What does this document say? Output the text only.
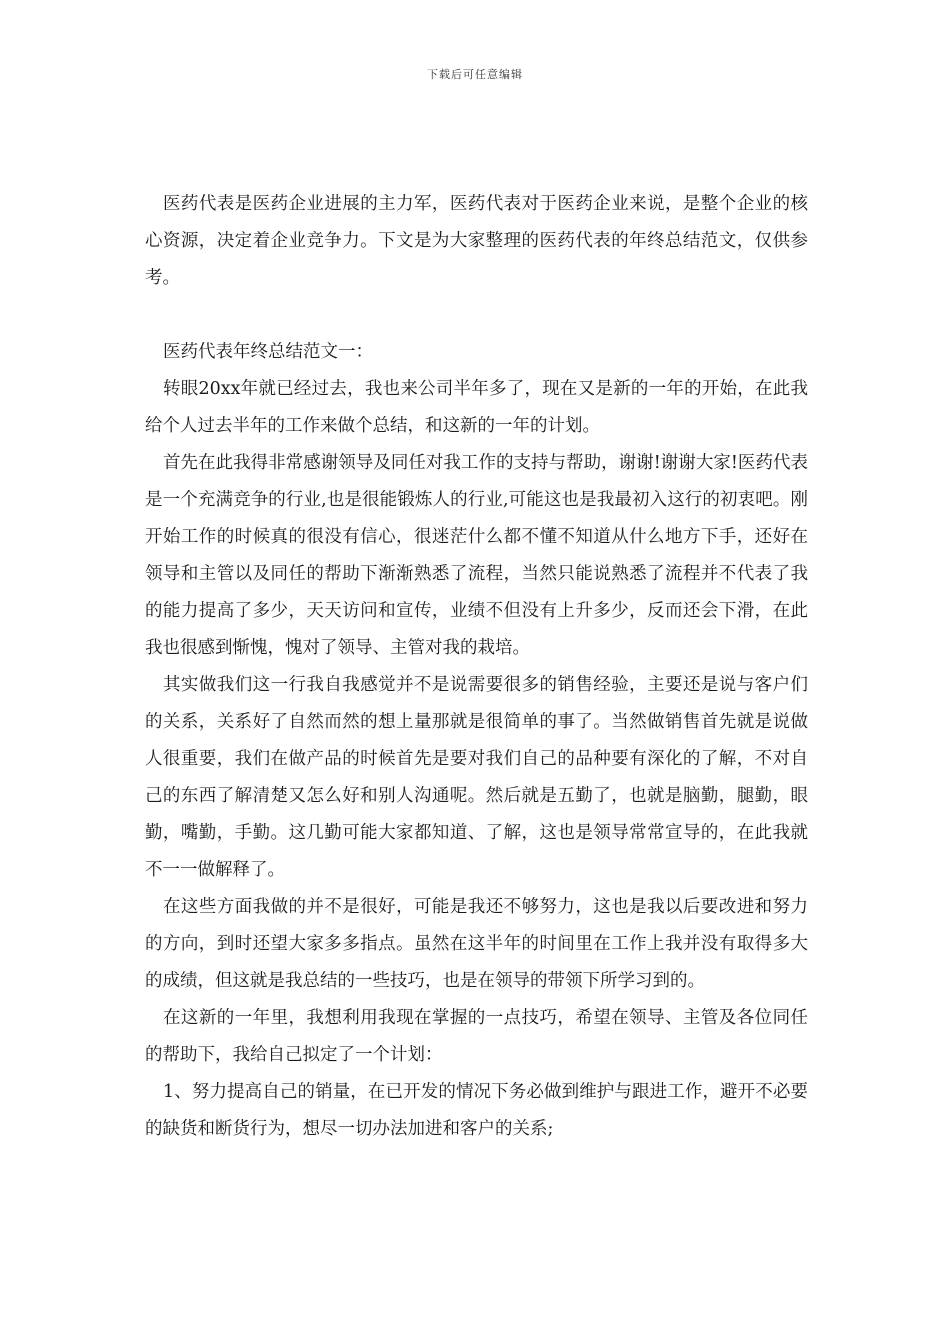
下载后可任意编辑

医药代表是医药企业进展的主力军，医药代表对于医药企业来说，是整个企业的核心资源，决定着企业竞争力。下文是为大家整理的医药代表的年终总结范文，仅供参考。

医药代表年终总结范文一：

转眼20xx年就已经过去，我也来公司半年多了，现在又是新的一年的开始，在此我给个人过去半年的工作来做个总结，和这新的一年的计划。

首先在此我得非常感谢领导及同任对我工作的支持与帮助，谢谢!谢谢大家!医药代表是一个充满竞争的行业,也是很能锻炼人的行业,可能这也是我最初入这行的初衷吧。刚开始工作的时候真的很没有信心，很迷茫什么都不懂不知道从什么地方下手，还好在领导和主管以及同任的帮助下渐渐熟悉了流程，当然只能说熟悉了流程并不代表了我的能力提高了多少，天天访问和宣传，业绩不但没有上升多少，反而还会下滑，在此我也很感到惭愧，愧对了领导、主管对我的栽培。

其实做我们这一行我自我感觉并不是说需要很多的销售经验，主要还是说与客户们的关系，关系好了自然而然的想上量那就是很简单的事了。当然做销售首先就是说做人很重要，我们在做产品的时候首先是要对我们自己的品种要有深化的了解，不对自己的东西了解清楚又怎么好和别人沟通呢。然后就是五勤了，也就是脑勤，腿勤，眼勤，嘴勤，手勤。这几勤可能大家都知道、了解，这也是领导常常宣导的，在此我就不一一做解释了。

在这些方面我做的并不是很好，可能是我还不够努力，这也是我以后要改进和努力的方向，到时还望大家多多指点。虽然在这半年的时间里在工作上我并没有取得多大的成绩，但这就是我总结的一些技巧，也是在领导的带领下所学习到的。

在这新的一年里，我想利用我现在掌握的一点技巧，希望在领导、主管及各位同任的帮助下，我给自己拟定了一个计划：

1、努力提高自己的销量，在已开发的情况下务必做到维护与跟进工作，避开不必要的缺货和断货行为，想尽一切办法加进和客户的关系;
